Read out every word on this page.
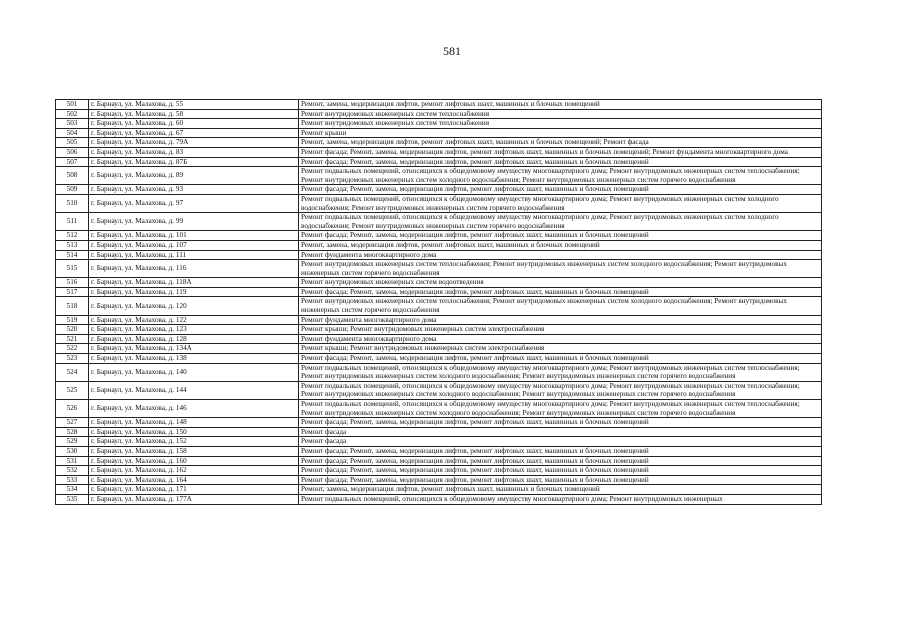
581
501	г. Барнаул, ул. Малахова, д. 55	Ремонт, замена, модернизация лифтов, ремонт лифтовых шахт, машинных и блочных помещений
502	г. Барнаул, ул. Малахова, д. 58	Ремонт внутридомовых инженерных систем теплоснабжения
503	г. Барнаул, ул. Малахова, д. 60	Ремонт внутридомовых инженерных систем теплоснабжения
504	г. Барнаул, ул. Малахова, д. 67	Ремонт крыши
505	г. Барнаул, ул. Малахова, д. 79А	Ремонт, замена, модернизация лифтов, ремонт лифтовых шахт, машинных и блочных помещений; Ремонт фасада
506	г. Барнаул, ул. Малахова, д. 83	Ремонт фасада; Ремонт, замена, модернизация лифтов, ремонт лифтовых шахт, машинных и блочных помещений; Ремонт фундамента многоквартирного дома
507	г. Барнаул, ул. Малахова, д. 87Б	Ремонт фасада; Ремонт, замена, модернизация лифтов, ремонт лифтовых шахт, машинных и блочных помещений
508	г. Барнаул, ул. Малахова, д. 89	Ремонт подвальных помещений, относящихся к общедомовому имуществу многоквартирного дома; Ремонт внутридомовых инженерных систем теплоснабжения; Ремонт внутридомовых инженерных систем холодного водоснабжения; Ремонт внутридомовых инженерных систем горячего водоснабжения
509	г. Барнаул, ул. Малахова, д. 93	Ремонт фасада; Ремонт, замена, модернизация лифтов, ремонт лифтовых шахт, машинных и блочных помещений
510	г. Барнаул, ул. Малахова, д. 97	Ремонт подвальных помещений, относящихся к общедомовому имуществу многоквартирного дома; Ремонт внутридомовых инженерных систем холодного водоснабжения; Ремонт внутридомовых инженерных систем горячего водоснабжения
511	г. Барнаул, ул. Малахова, д. 99	Ремонт подвальных помещений, относящихся к общедомовому имуществу многоквартирного дома; Ремонт внутридомовых инженерных систем холодного водоснабжения; Ремонт внутридомовых инженерных систем горячего водоснабжения
512	г. Барнаул, ул. Малахова, д. 101	Ремонт фасада; Ремонт, замена, модернизация лифтов, ремонт лифтовых шахт, машинных и блочных помещений
513	г. Барнаул, ул. Малахова, д. 107	Ремонт, замена, модернизация лифтов, ремонт лифтовых шахт, машинных и блочных помещений
514	г. Барнаул, ул. Малахова, д. 111	Ремонт фундамента многоквартирного дома
515	г. Барнаул, ул. Малахова, д. 116	Ремонт внутридомовых инженерных систем теплоснабжения; Ремонт внутридомовых инженерных систем холодного водоснабжения; Ремонт внутридомовых инженерных систем горячего водоснабжения
516	г. Барнаул, ул. Малахова, д. 118А	Ремонт внутридомовых инженерных систем водоотведения
517	г. Барнаул, ул. Малахова, д. 119	Ремонт фасада; Ремонт, замена, модернизация лифтов, ремонт лифтовых шахт, машинных и блочных помещений
518	г. Барнаул, ул. Малахова, д. 120	Ремонт внутридомовых инженерных систем теплоснабжения; Ремонт внутридомовых инженерных систем холодного водоснабжения; Ремонт внутридомовых инженерных систем горячего водоснабжения
519	г. Барнаул, ул. Малахова, д. 122	Ремонт фундамента многоквартирного дома
520	г. Барнаул, ул. Малахова, д. 123	Ремонт крыши; Ремонт внутридомовых инженерных систем электроснабжения
521	г. Барнаул, ул. Малахова, д. 128	Ремонт фундамента многоквартирного дома
522	г. Барнаул, ул. Малахова, д. 134А	Ремонт крыши; Ремонт внутридомовых инженерных систем электроснабжения
523	г. Барнаул, ул. Малахова, д. 138	Ремонт фасада; Ремонт, замена, модернизация лифтов, ремонт лифтовых шахт, машинных и блочных помещений
524	г. Барнаул, ул. Малахова, д. 140	Ремонт подвальных помещений, относящихся к общедомовому имуществу многоквартирного дома; Ремонт внутридомовых инженерных систем теплоснабжения; Ремонт внутридомовых инженерных систем холодного водоснабжения; Ремонт внутридомовых инженерных систем горячего водоснабжения
525	г. Барнаул, ул. Малахова, д. 144	Ремонт подвальных помещений, относящихся к общедомовому имуществу многоквартирного дома; Ремонт внутридомовых инженерных систем теплоснабжения; Ремонт внутридомовых инженерных систем холодного водоснабжения; Ремонт внутридомовых инженерных систем горячего водоснабжения
526	г. Барнаул, ул. Малахова, д. 146	Ремонт подвальных помещений, относящихся к общедомовому имуществу многоквартирного дома; Ремонт внутридомовых инженерных систем теплоснабжения; Ремонт внутридомовых инженерных систем холодного водоснабжения; Ремонт внутридомовых инженерных систем горячего водоснабжения
527	г. Барнаул, ул. Малахова, д. 148	Ремонт фасада; Ремонт, замена, модернизация лифтов, ремонт лифтовых шахт, машинных и блочных помещений
528	г. Барнаул, ул. Малахова, д. 150	Ремонт фасада
529	г. Барнаул, ул. Малахова, д. 152	Ремонт фасада
530	г. Барнаул, ул. Малахова, д. 158	Ремонт фасада; Ремонт, замена, модернизация лифтов, ремонт лифтовых шахт, машинных и блочных помещений
531	г. Барнаул, ул. Малахова, д. 160	Ремонт фасада; Ремонт, замена, модернизация лифтов, ремонт лифтовых шахт, машинных и блочных помещений
532	г. Барнаул, ул. Малахова, д. 162	Ремонт фасада; Ремонт, замена, модернизация лифтов, ремонт лифтовых шахт, машинных и блочных помещений
533	г. Барнаул, ул. Малахова, д. 164	Ремонт фасада; Ремонт, замена, модернизация лифтов, ремонт лифтовых шахт, машинных и блочных помещений
534	г. Барнаул, ул. Малахова, д. 171	Ремонт, замена, модернизация лифтов, ремонт лифтовых шахт, машинных и блочных помещений
535	г. Барнаул, ул. Малахова, д. 177А	Ремонт подвальных помещений, относящихся к общедомовому имуществу многоквартирного дома; Ремонт внутридомовых инженерных
